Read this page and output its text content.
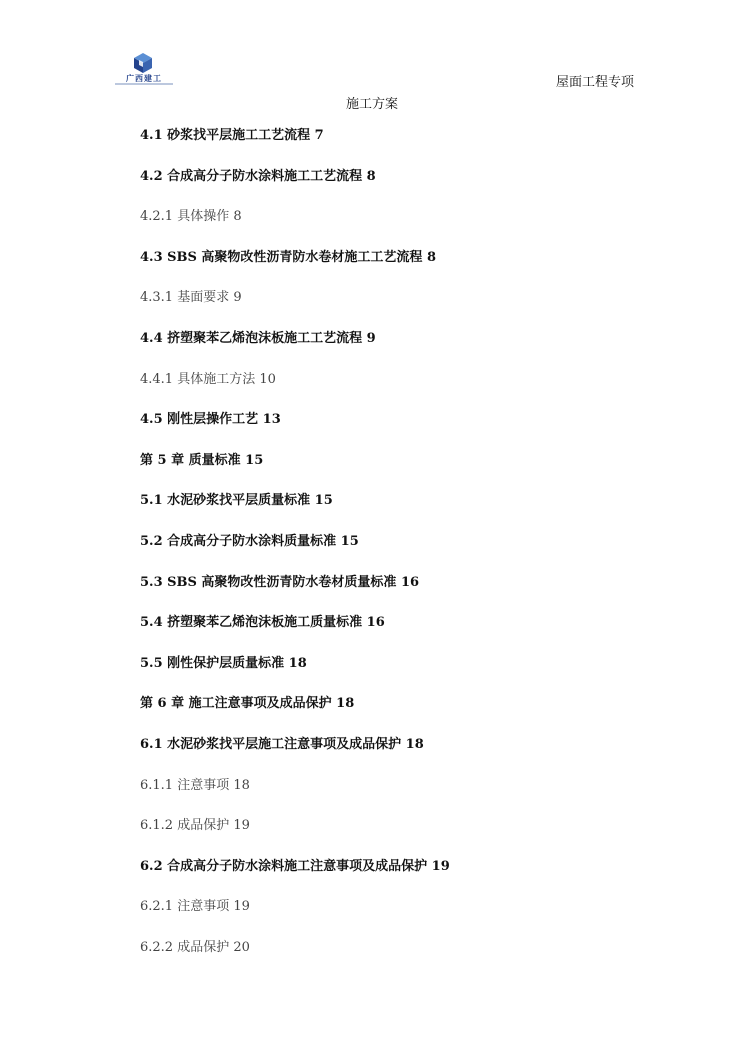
广西建工	屋面工程专项
施工方案
4.1 砂浆找平层施工工艺流程 7
4.2 合成高分子防水涂料施工工艺流程 8
4.2.1 具体操作 8
4.3 SBS 高聚物改性沥青防水卷材施工工艺流程 8
4.3.1 基面要求 9
4.4 挤塑聚苯乙烯泡沫板施工工艺流程 9
4.4.1 具体施工方法 10
4.5 刚性层操作工艺 13
第 5 章 质量标准 15
5.1 水泥砂浆找平层质量标准 15
5.2 合成高分子防水涂料质量标准 15
5.3 SBS 高聚物改性沥青防水卷材质量标准 16
5.4 挤塑聚苯乙烯泡沫板施工质量标准 16
5.5 刚性保护层质量标准 18
第 6 章 施工注意事项及成品保护 18
6.1 水泥砂浆找平层施工注意事项及成品保护 18
6.1.1 注意事项 18
6.1.2 成品保护 19
6.2 合成高分子防水涂料施工注意事项及成品保护 19
6.2.1 注意事项 19
6.2.2 成品保护 20
